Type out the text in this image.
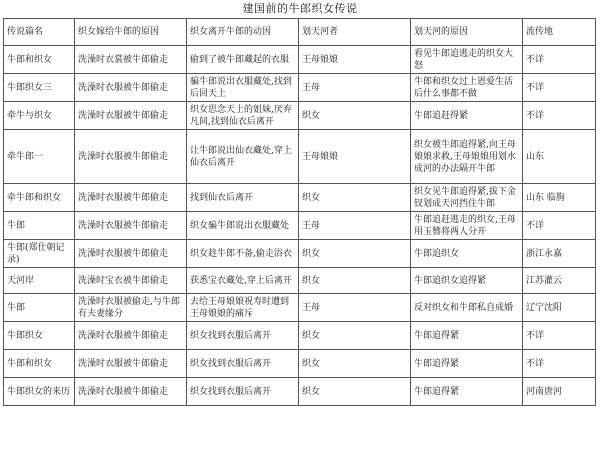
建国前的牛郎织女传说
传说篇名	织女嫁给牛郎的原因	织女离开牛郎的动因	划天河者	划天河的原因	流传地
牛郎和织女	洗澡时衣裳被牛郎偷走	偷到了被牛郎藏起的衣服	王母娘娘	看见牛郎追逃走的织女大怒	不详
牛郎织女三	洗澡时衣服被牛郎偷走	骗牛郎说出衣服藏处,找到后回天上	王母	牛郎和织女过上恩爱生活后什么事都不做	不详
牵牛与织女	洗澡时衣服被牛郎偷走	织女思念天上的姐妹,厌弃凡间,找到仙衣后离开	织女	牛郎追赶得紧	不详
牵牛郎一	洗澡时衣服被牛郎偷走	让牛郎说出仙衣藏处,穿上仙衣后离开	王母娘娘	织女被牛郎追得紧,向王母娘娘求救,王母娘娘用划水成河的办法隔开牛郎	山东
牵牛郎和织女	洗澡时衣服被牛郎偷走	找到仙衣后离开	织女	织女见牛郎追得紧,拔下金钗划成天河挡住牛郎	山东 临朐
牛郎	洗澡时衣服被牛郎偷走	织女骗牛郎说出衣服藏处	王母	牛郎追赶逃走的织女,王母用玉簪将两人分开	不详
牛郎(郑仕朝记录)	洗澡时衣服被牛郎偷走	织女趁牛郎不备,偷走浴衣	织女	牛郎追织女	浙江永嘉
天河岸	洗澡时宝衣被牛郎偷走	获悉宝衣藏处,穿上后离开	织女	牛郎追织女追得紧	江苏灌云
牛郎	洗澡时衣服被偷走,与牛郎有夫妻缘分	去给王母娘娘祝寿时遭到王母娘娘的痛斥	王母	反对织女和牛郎私自成婚	辽宁沈阳
牛郎织女	洗澡时衣服被牛郎偷走	织女找到衣服后离开	织女	牛郎追得紧	不详
牛郎和织女	洗澡时衣服被牛郎偷走	织女找到衣服后离开	织女	牛郎追得紧	不详
牛郎织女的来历	洗澡时衣服被牛郎偷走	织女找到衣服后离开	织女	牛郎追得紧	河南唐河
